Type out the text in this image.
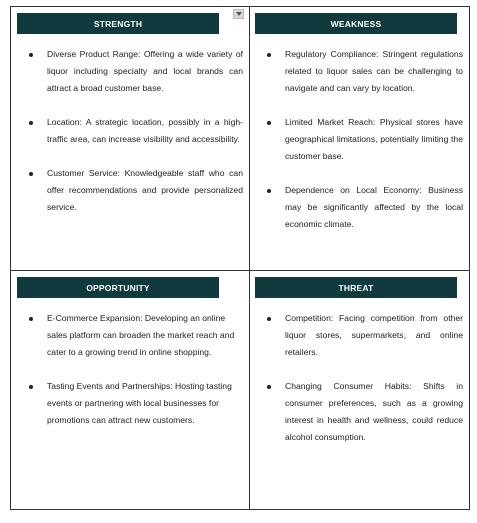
STRENGTH
Diverse Product Range: Offering a wide variety of liquor including specialty and local brands can attract a broad customer base.
Location: A strategic location, possibly in a high-traffic area, can increase visibility and accessibility.
Customer Service: Knowledgeable staff who can offer recommendations and provide personalized service.
WEAKNESS
Regulatory Compliance: Stringent regulations related to liquor sales can be challenging to navigate and can vary by location.
Limited Market Reach: Physical stores have geographical limitations, potentially limiting the customer base.
Dependence on Local Economy: Business may be significantly affected by the local economic climate.
OPPORTUNITY
E-Commerce Expansion: Developing an online sales platform can broaden the market reach and cater to a growing trend in online shopping.
Tasting Events and Partnerships: Hosting tasting events or partnering with local businesses for promotions can attract new customers.
THREAT
Competition: Facing competition from other liquor stores, supermarkets, and online retailers.
Changing Consumer Habits: Shifts in consumer preferences, such as a growing interest in health and wellness, could reduce alcohol consumption.
